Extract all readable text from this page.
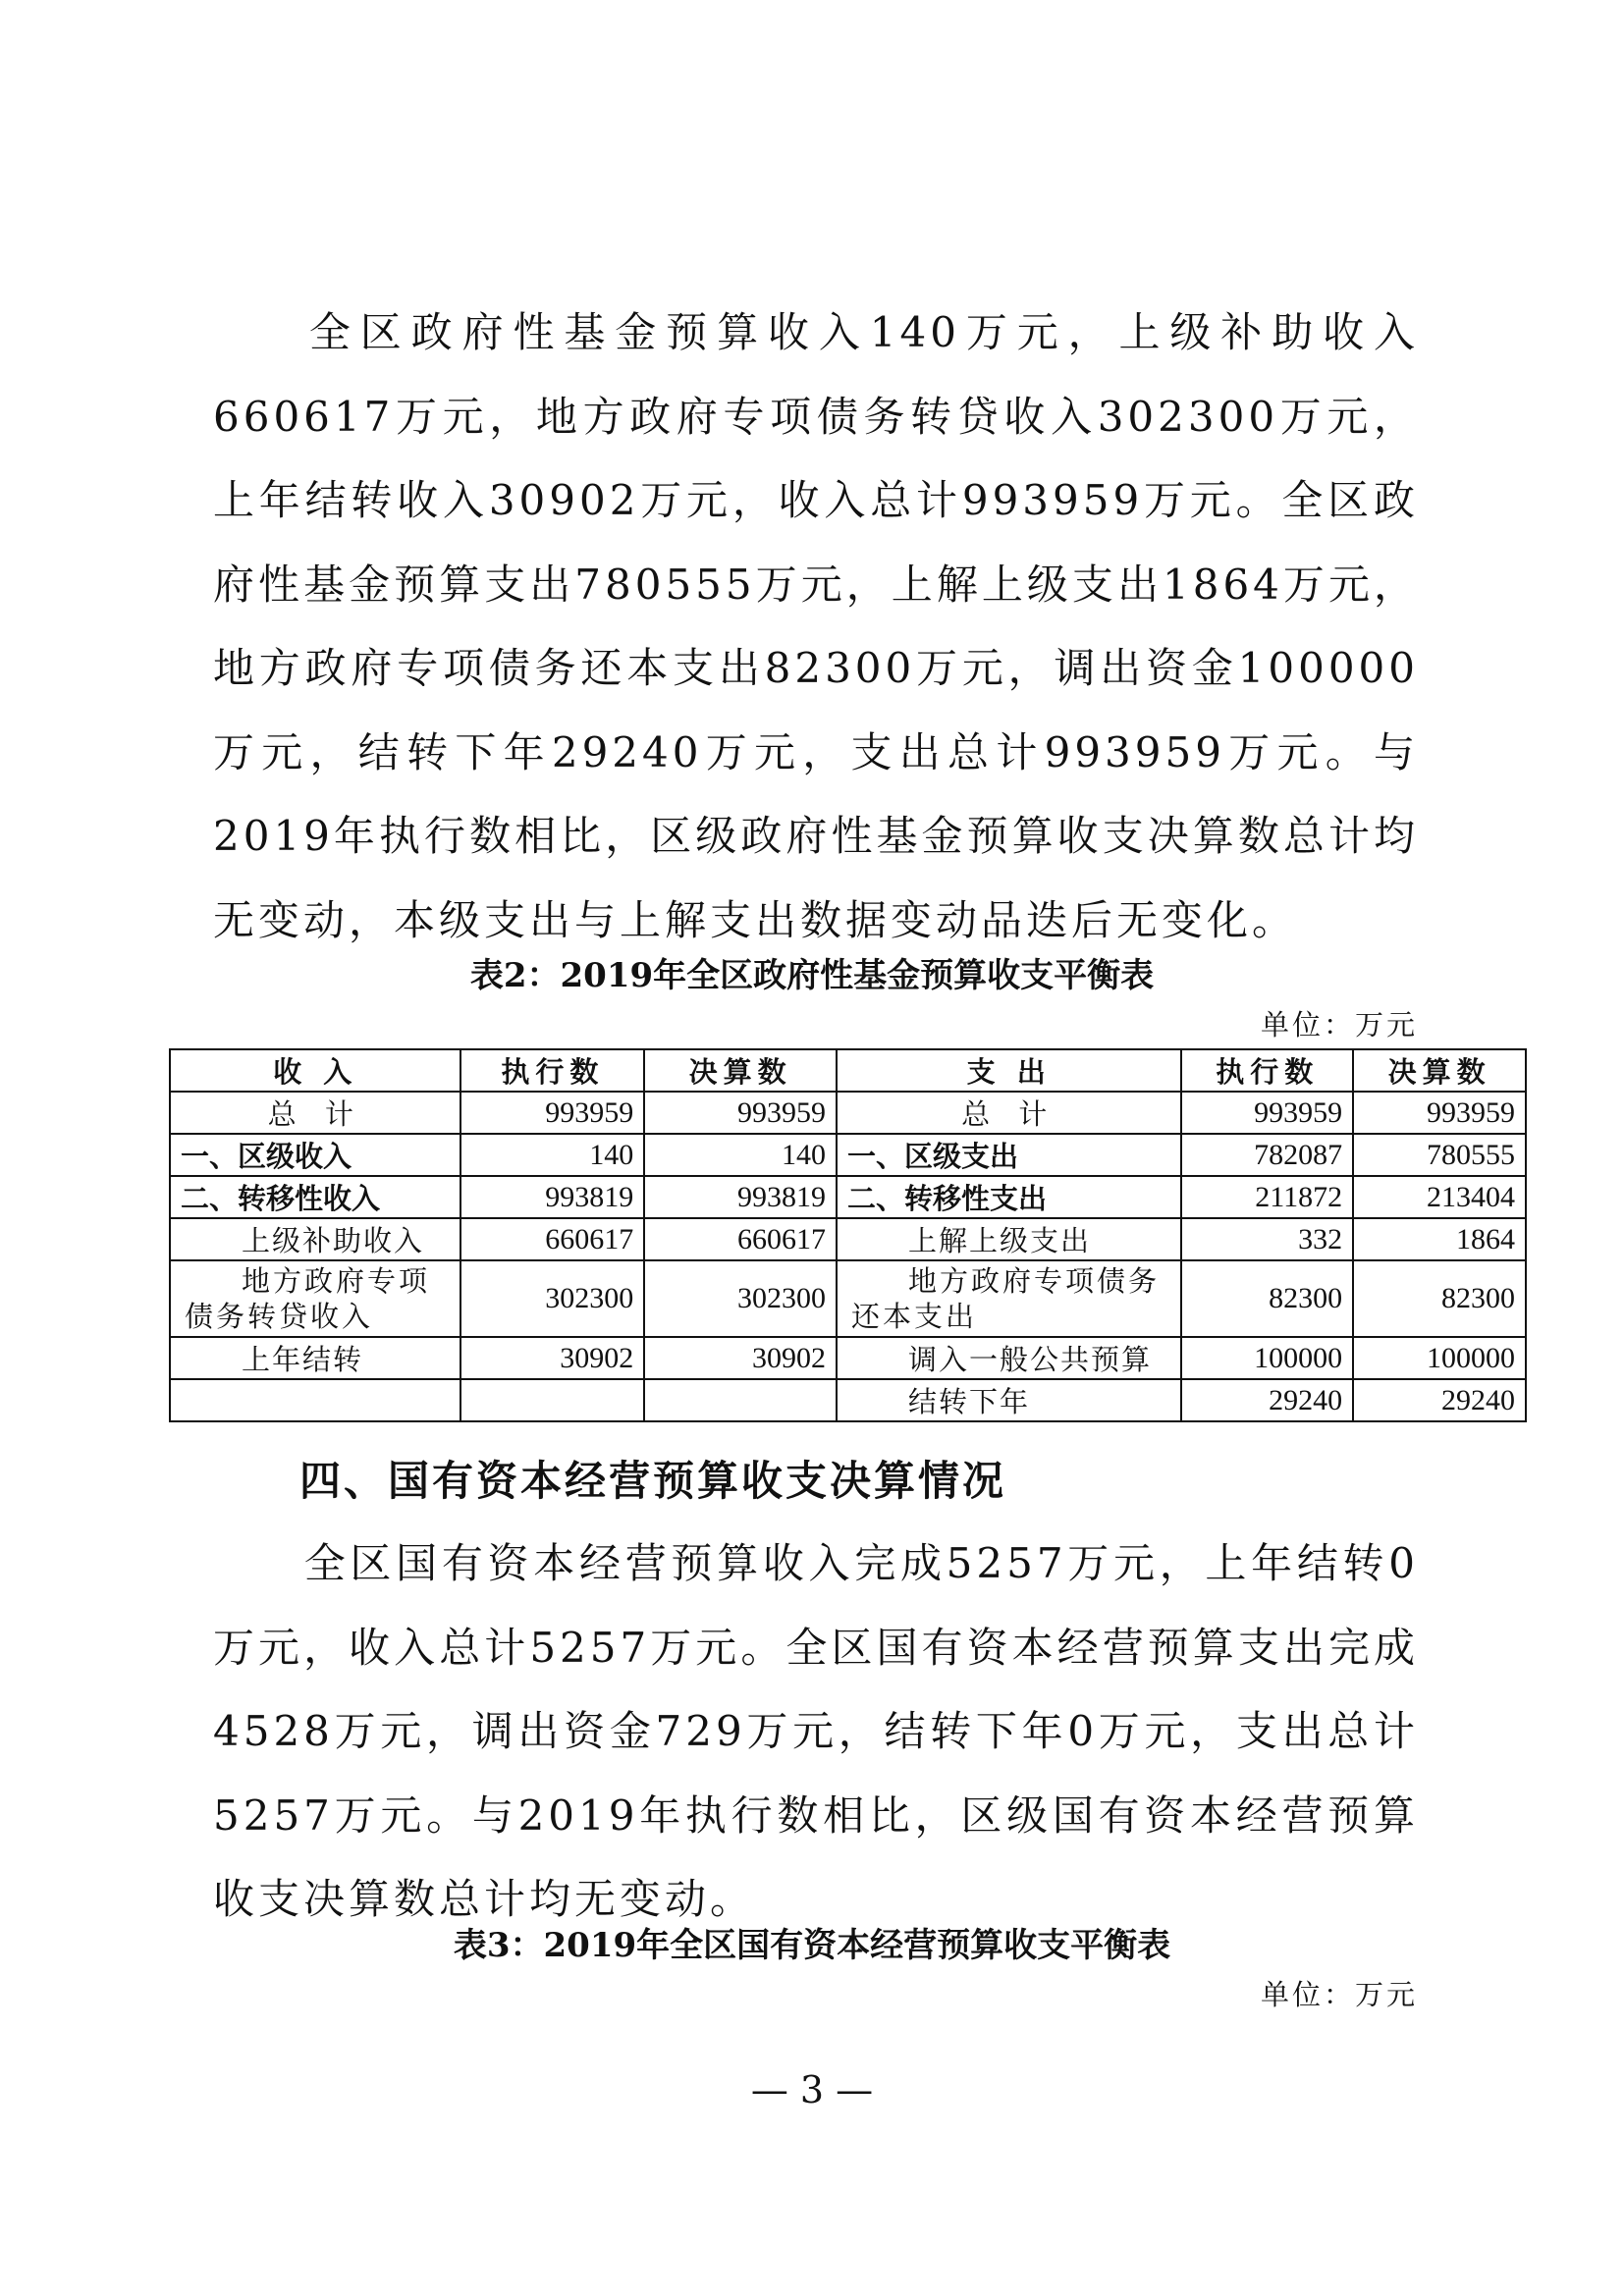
全区政府性基金预算收入140万元，上级补助收入660617万元，地方政府专项债务转贷收入302300万元，上年结转收入30902万元，收入总计993959万元。全区政府性基金预算支出780555万元，上解上级支出1864万元，地方政府专项债务还本支出82300万元，调出资金100000万元，结转下年29240万元，支出总计993959万元。与2019年执行数相比，区级政府性基金预算收支决算数总计均无变动，本级支出与上解支出数据变动品迭后无变化。

表2：2019年全区政府性基金预算收支平衡表

单位：万元
收 入	执行数	决算数	支 出	执行数	决算数
总 计	993959	993959	总 计	993959	993959
一、区级收入	140	140	一、区级支出	782087	780555
二、转移性收入	993819	993819	二、转移性支出	211872	213404
上级补助收入	660617	660617	上解上级支出	332	1864
地方政府专项债务转贷收入	302300	302300	地方政府专项债务还本支出	82300	82300
上年结转	30902	30902	调入一般公共预算	100000	100000
			结转下年	29240	29240
四、国有资本经营预算收支决算情况

全区国有资本经营预算收入完成5257万元，上年结转0万元，收入总计5257万元。全区国有资本经营预算支出完成4528万元，调出资金729万元，结转下年0万元，支出总计5257万元。与2019年执行数相比，区级国有资本经营预算收支决算数总计均无变动。

表3：2019年全区国有资本经营预算收支平衡表

单位：万元
— 3 —
